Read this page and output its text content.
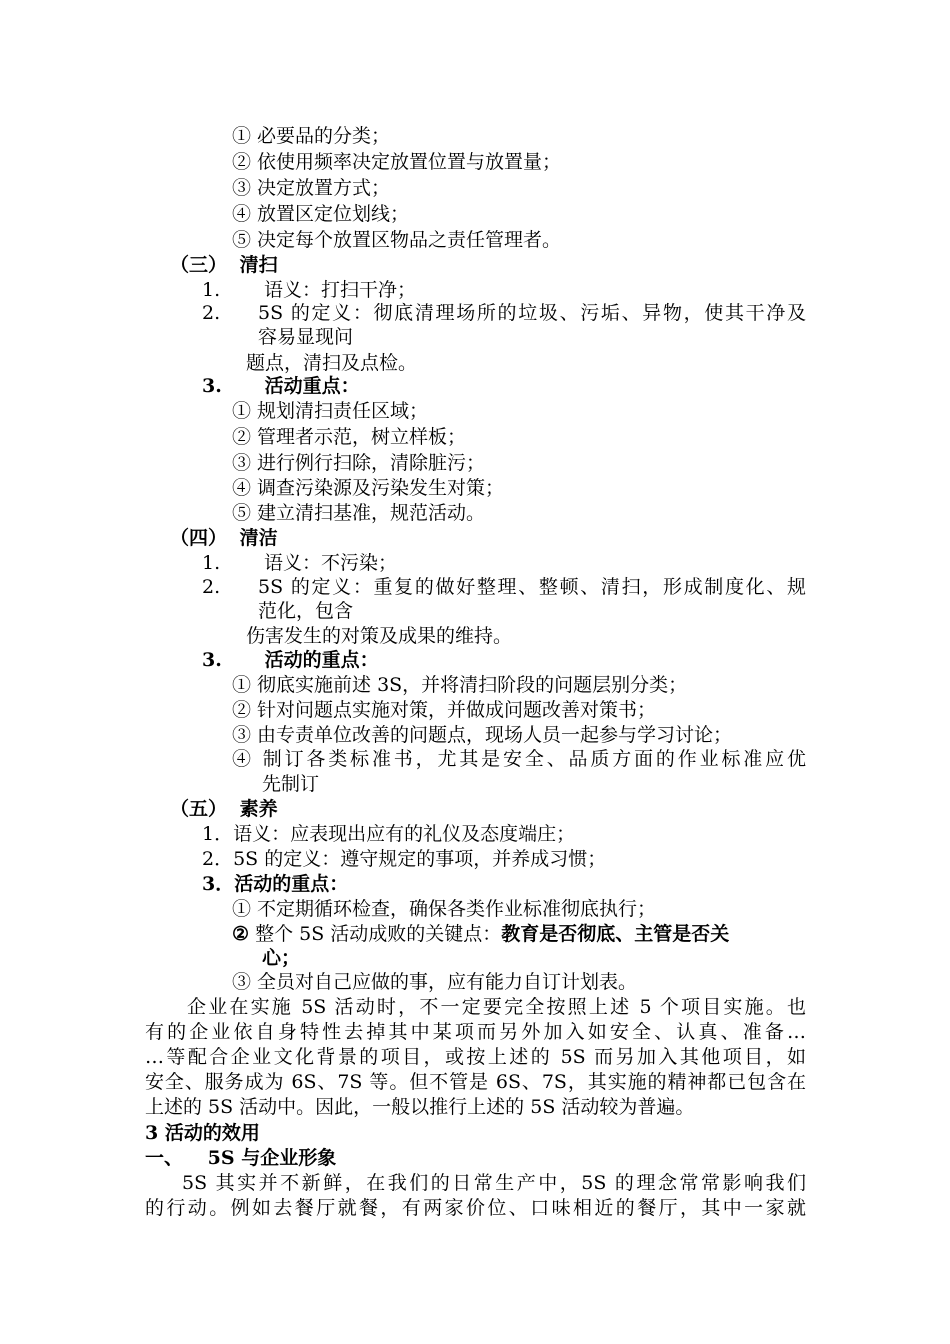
① 必要品的分类；
② 依使用频率决定放置位置与放置量；
③ 决定放置方式；
④ 放置区定位划线；
⑤ 决定每个放置区物品之责任管理者。
（三） 清扫
1. 语义：打扫干净；
2. 5S 的定义：彻底清理场所的垃圾、污垢、异物，使其干净及
容易显现问
题点，清扫及点检。
3. 活动重点：
① 规划清扫责任区域；
② 管理者示范，树立样板；
③ 进行例行扫除，清除脏污；
④ 调查污染源及污染发生对策；
⑤ 建立清扫基准，规范活动。
（四） 清洁
1. 语义：不污染；
2. 5S 的定义：重复的做好整理、整顿、清扫，形成制度化、规
范化，包含
伤害发生的对策及成果的维持。
3. 活动的重点：
① 彻底实施前述 3S，并将清扫阶段的问题层别分类；
② 针对问题点实施对策，并做成问题改善对策书；
③ 由专责单位改善的问题点，现场人员一起参与学习讨论；
④ 制订各类标准书，尤其是安全、品质方面的作业标准应优
先制订
（五） 素养
1．语义：应表现出应有的礼仪及态度端庄；
2．5S 的定义：遵守规定的事项，并养成习惯；
3．活动的重点：
① 不定期循环检查，确保各类作业标准彻底执行；
② 整个 5S 活动成败的关键点：教育是否彻底、主管是否关
心；
③ 全员对自己应做的事，应有能力自订计划表。
企业在实施 5S 活动时，不一定要完全按照上述 5 个项目实施。也
有的企业依自身特性去掉其中某项而另外加入如安全、认真、准备…
…等配合企业文化背景的项目，或按上述的 5S 而另加入其他项目，如
安全、服务成为 6S、7S 等。但不管是 6S、7S，其实施的精神都已包含在
上述的 5S 活动中。因此，一般以推行上述的 5S 活动较为普遍。
3 活动的效用
一、 5S 与企业形象
5S 其实并不新鲜，在我们的日常生产中，5S 的理念常常影响我们
的行动。例如去餐厅就餐，有两家价位、口味相近的餐厅，其中一家就
